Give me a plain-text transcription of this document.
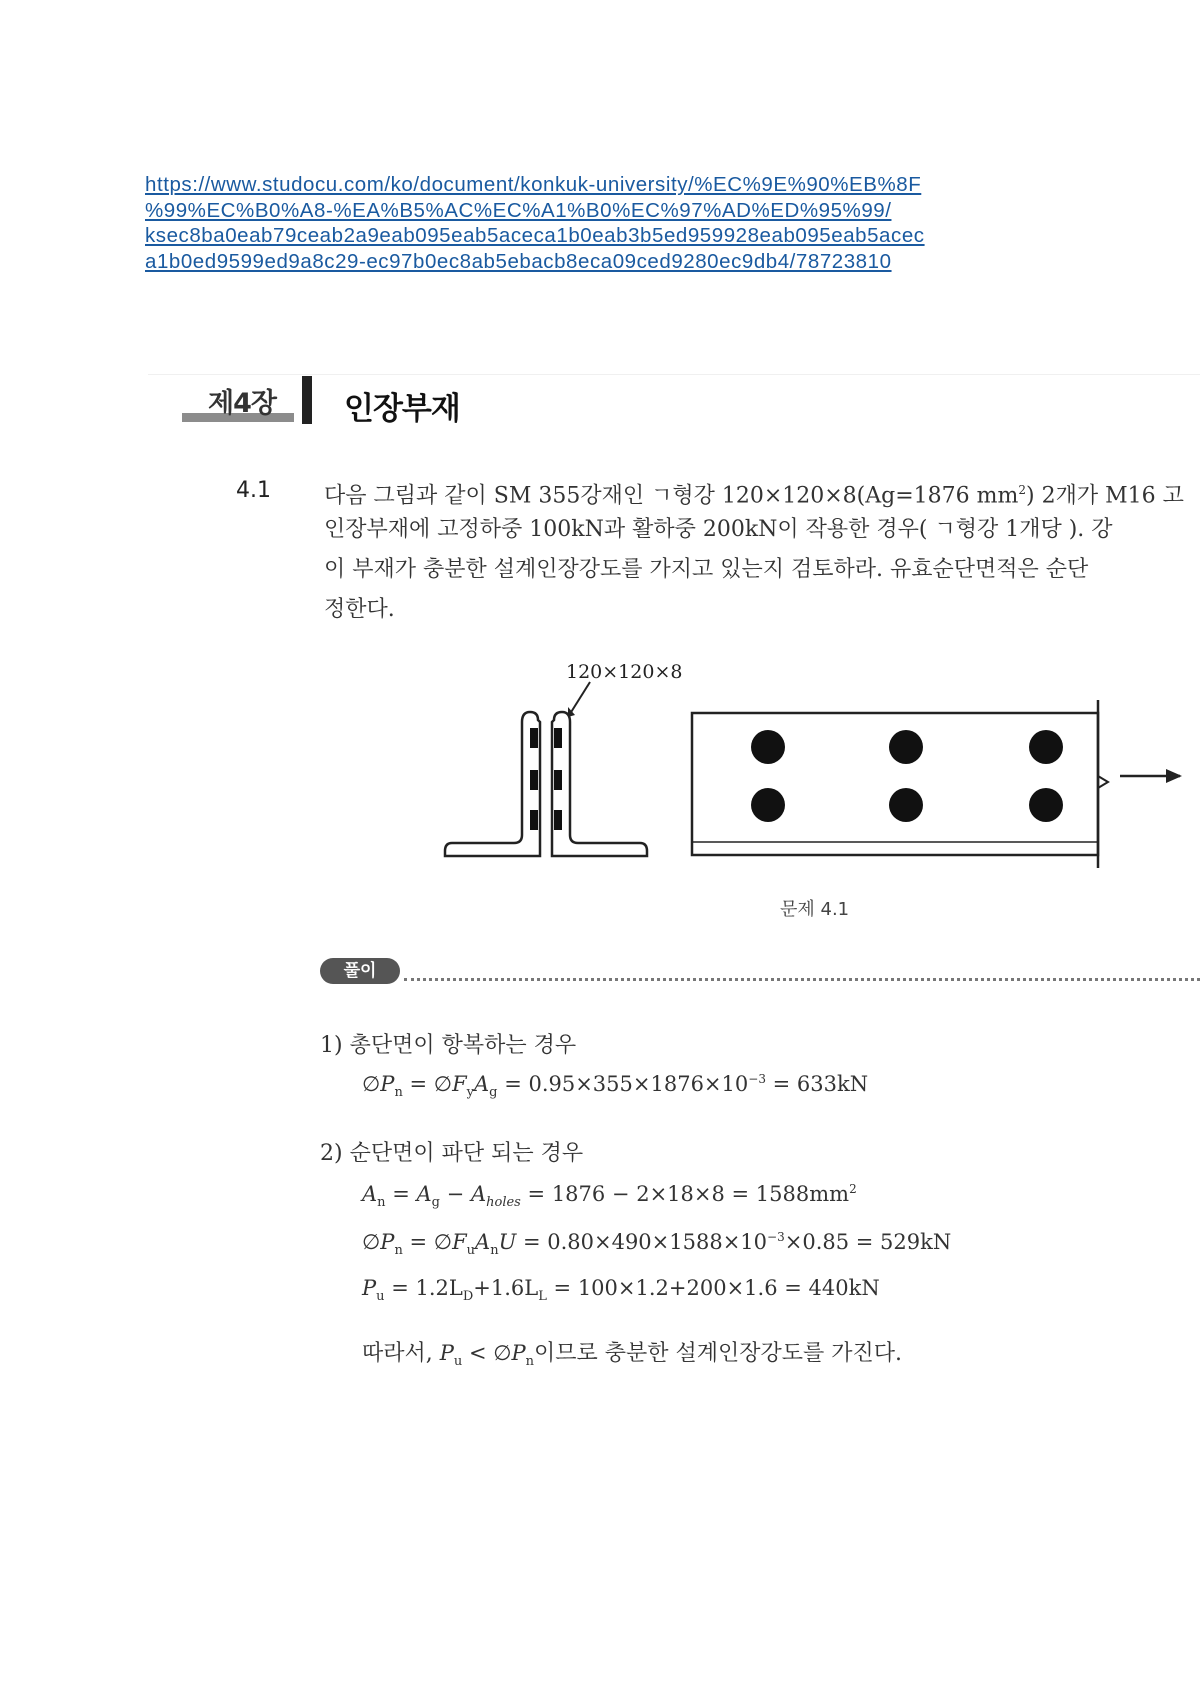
https://www.studocu.com/ko/document/konkuk-university/%EC%9E%90%EB%8F
%99%EC%B0%A8-%EA%B5%AC%EC%A1%B0%EC%97%AD%ED%95%99/
ksec8ba0eab79ceab2a9eab095eab5aceca1b0eab3b5ed959928eab095eab5acec
a1b0ed9599ed9a8c29-ec97b0ec8ab5ebacb8eca09ced9280ec9db4/78723810
제4장 인장부재
4.1 다음 그림과 같이 SM 355강재인 ㄱ형강 120×120×8(Ag=1876 $mm^2$) 2개가 M16 고
인장부재에 고정하중 100kN과 활하중 200kN이 작용한 경우( ㄱ형강 1개당 ). 강
이 부재가 충분한 설계인장강도를 가지고 있는지 검토하라. 유효순단면적은 순단
정한다.
120×120×8
문제 4.1
풀이
1) 총단면이 항복하는 경우
$\emptyset P_n$ = $\emptyset F_yA_g = 0.95\times 355\times 1876\times 10^{-3} = 633kN$
2) 순단면이 파단 되는 경우
$A_n = A_g - A_{holes} = 1876 - 2\times 18\times 8 = 1588mm^2$
$\emptyset P_n$ = $\emptyset F_uA_nU = 0.80\times 490\times 1588\times 10^{-3}\times 0.85 = 529kN$
$P_u = 1.2L_D+1.6L_L = 100\times 1.2+200\times 1.6 = 440kN$
따라서, $P_u$ < $\emptyset P_n$이므로 충분한 설계인장강도를 가진다.
